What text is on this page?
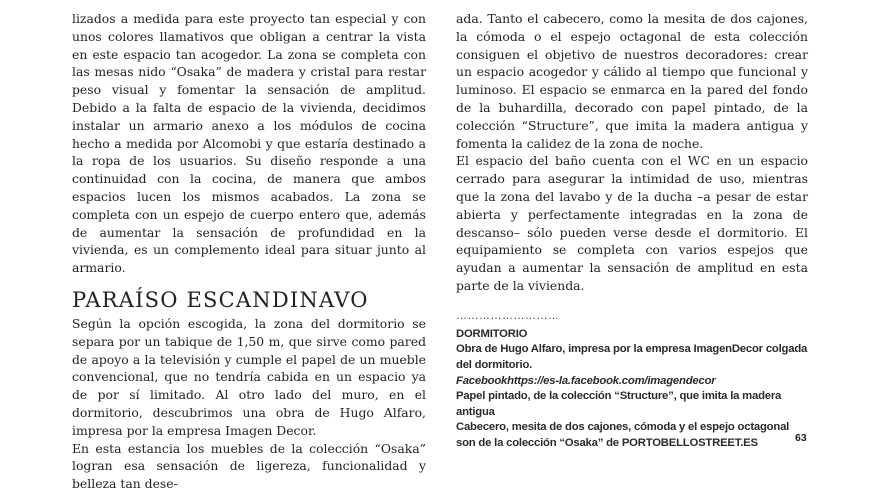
lizados a medida para este proyecto tan especial y con unos colores llamativos que obligan a centrar la vista en este espacio tan acogedor. La zona se completa con las mesas nido “Osaka” de madera y cristal para restar peso visual y fomentar la sensación de amplitud. Debido a la falta de espacio de la vivienda, decidimos instalar un armario anexo a los módulos de cocina hecho a medida por Alcomobi y que estaría destinado a la ropa de los usuarios. Su diseño responde a una continuidad con la cocina, de manera que ambos espacios lucen los mismos acabados. La zona se completa con un espejo de cuerpo entero que, además de aumentar la sensación de profundidad en la vivienda, es un complemento ideal para situar junto al armario.

PARAÍSO ESCANDINAVO

Según la opción escogida, la zona del dormitorio se separa por un tabique de 1,50 m, que sirve como pared de apoyo a la televisión y cumple el papel de un mueble convencional, que no tendría cabida en un espacio ya de por sí limitado. Al otro lado del muro, en el dormitorio, descubrimos una obra de Hugo Alfaro, impresa por la empresa Imagen Decor.

En esta estancia los muebles de la colección “Osaka” logran esa sensación de ligereza, funcionalidad y belleza tan dese-

ada. Tanto el cabecero, como la mesita de dos cajones, la cómoda o el espejo octagonal de esta colección consiguen el objetivo de nuestros decoradores: crear un espacio acogedor y cálido al tiempo que funcional y luminoso. El espacio se enmarca en la pared del fondo de la buhardilla, decorado con papel pintado, de la colección “Structure”, que imita la madera antigua y fomenta la calidez de la zona de noche.

El espacio del baño cuenta con el WC en un espacio cerrado para asegurar la intimidad de uso, mientras que la zona del lavabo y de la ducha –a pesar de estar abierta y perfectamente integradas en la zona de descanso– sólo pueden verse desde el dormitorio. El equipamiento se completa con varios espejos que ayudan a aumentar la sensación de amplitud en esta parte de la vivienda.

………………………
DORMITORIO
Obra de Hugo Alfaro, impresa por la empresa ImagenDecor colgada del dormitorio.
Facebookhttps://es-la.facebook.com/imagendecor
Papel pintado, de la colección “Structure”, que imita la madera antigua
Cabecero, mesita de dos cajones, cómoda y el espejo octagonal son de la colección “Osaka” de PORTOBELLOSTREET.ES	63
